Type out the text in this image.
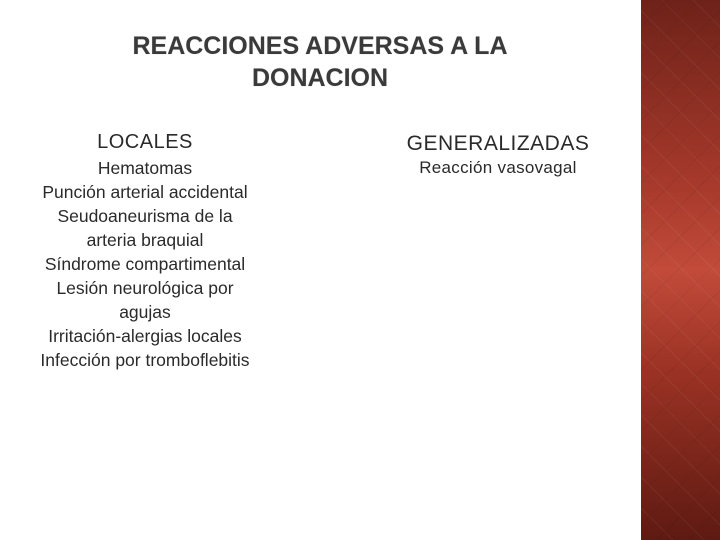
REACCIONES ADVERSAS A LA
DONACION
LOCALES
Hematomas
Punción arterial accidental
Seudoaneurisma de la
arteria braquial
Síndrome compartimental
Lesión neurológica por
agujas
Irritación-alergias locales
Infección por tromboflebitis
GENERALIZADAS
Reacción vasovagal
